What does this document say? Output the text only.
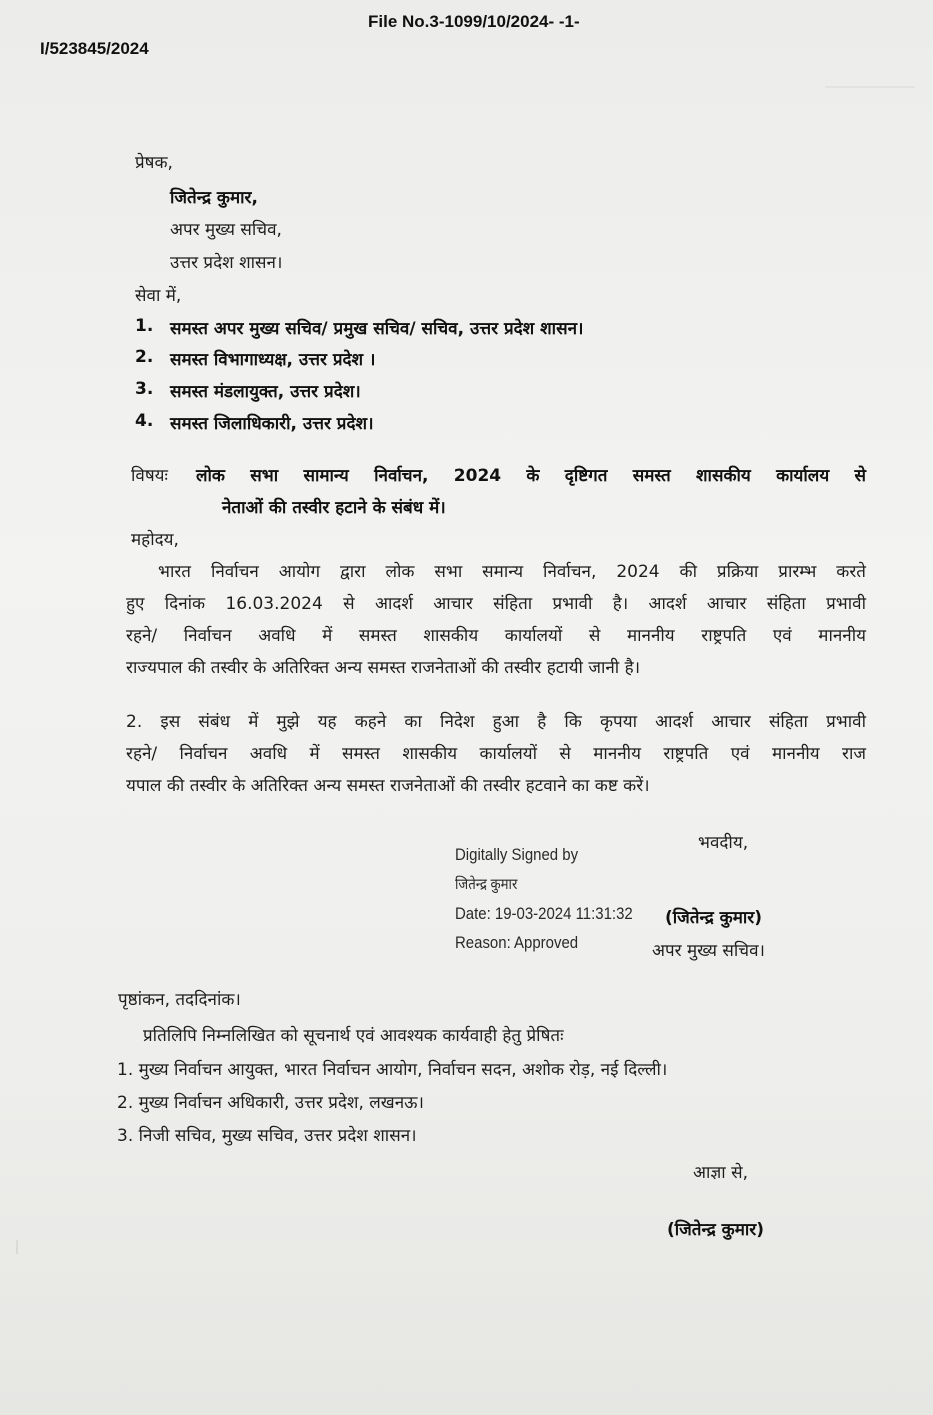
File No.3-1099/10/2024- -1-
I/523845/2024
प्रेषक,
जितेन्द्र कुमार,
अपर मुख्य सचिव,
उत्तर प्रदेश शासन।
सेवा में,
1. समस्त अपर मुख्य सचिव/ प्रमुख सचिव/ सचिव, उत्तर प्रदेश शासन।
2. समस्त विभागाध्यक्ष, उत्तर प्रदेश ।
3. समस्त मंडलायुक्त, उत्तर प्रदेश।
4. समस्त जिलाधिकारी, उत्तर प्रदेश।
विषयः लोक सभा सामान्य निर्वाचन, 2024 के दृष्टिगत समस्त शासकीय कार्यालय से
नेताओं की तस्वीर हटाने के संबंध में।
महोदय,
भारत निर्वाचन आयोग द्वारा लोक सभा समान्य निर्वाचन, 2024 की प्रक्रिया प्रारम्भ करते
हुए दिनांक 16.03.2024 से आदर्श आचार संहिता प्रभावी है। आदर्श आचार संहिता प्रभावी
रहने/ निर्वाचन अवधि में समस्त शासकीय कार्यालयों से माननीय राष्ट्रपति एवं माननीय
राज्यपाल की तस्वीर के अतिरिक्त अन्य समस्त राजनेताओं की तस्वीर हटायी जानी है।
2. इस संबंध में मुझे यह कहने का निदेश हुआ है कि कृपया आदर्श आचार संहिता प्रभावी
रहने/ निर्वाचन अवधि में समस्त शासकीय कार्यालयों से माननीय राष्ट्रपति एवं माननीय राज
यपाल की तस्वीर के अतिरिक्त अन्य समस्त राजनेताओं की तस्वीर हटवाने का कष्ट करें।
भवदीय,
Digitally Signed by
जितेन्द्र कुमार
Date: 19-03-2024 11:31:32
Reason: Approved
(जितेन्द्र कुमार)
अपर मुख्य सचिव।
पृष्ठांकन, तददिनांक।
प्रतिलिपि निम्नलिखित को सूचनार्थ एवं आवश्यक कार्यवाही हेतु प्रेषितः
1. मुख्य निर्वाचन आयुक्त, भारत निर्वाचन आयोग, निर्वाचन सदन, अशोक रोड़, नई दिल्ली।
2. मुख्य निर्वाचन अधिकारी, उत्तर प्रदेश, लखनऊ।
3. निजी सचिव, मुख्य सचिव, उत्तर प्रदेश शासन।
आज्ञा से,
(जितेन्द्र कुमार)
